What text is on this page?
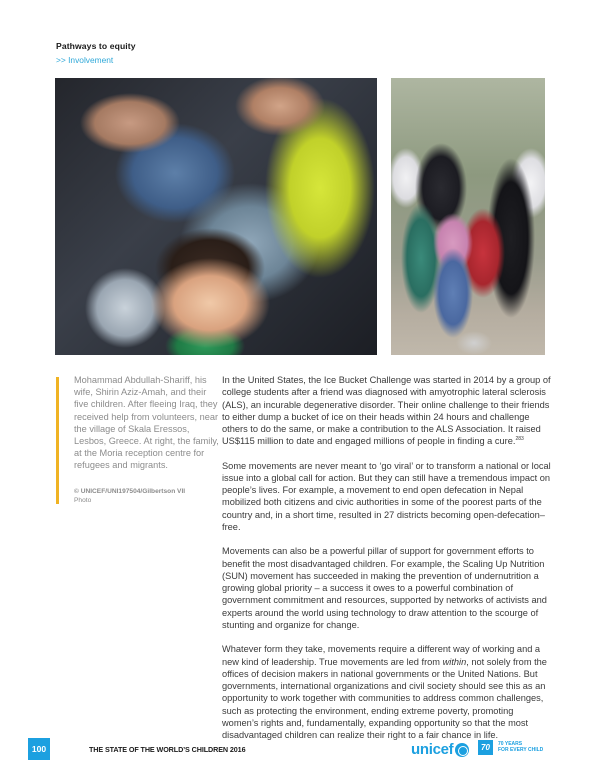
Pathways to equity
>> Involvement
Mohammad Abdullah-Shariff, his wife, Shirin Aziz-Amah, and their five children. After fleeing Iraq, they received help from volunteers, near the village of Skala Eressos, Lesbos, Greece. At right, the family, at the Moria reception centre for refugees and migrants.
© UNICEF/UNI197504/Gilbertson VII
Photo

In the United States, the Ice Bucket Challenge was started in 2014 by a group of college students after a friend was diagnosed with amyotrophic lateral sclerosis (ALS), an incurable degenerative disorder. Their online challenge to their friends to either dump a bucket of ice on their heads within 24 hours and challenge others to do the same, or make a contribution to the ALS Association. It raised US$115 million to date and engaged millions of people in finding a cure.$^{283}$

Some movements are never meant to ‘go viral’ or to transform a national or local issue into a global call for action. But they can still have a tremendous impact on people’s lives. For example, a movement to end open defecation in Nepal mobilized both citizens and civic authorities in some of the poorest parts of the country and, in a short time, resulted in 27 districts becoming open-defecation–free.

Movements can also be a powerful pillar of support for government efforts to benefit the most disadvantaged children. For example, the Scaling Up Nutrition (SUN) movement has succeeded in making the prevention of undernutrition a growing global priority – a success it owes to a powerful combination of government commitment and resources, supported by networks of activists and experts around the world using technology to draw attention to the scourge of stunting and organize for change.

Whatever form they take, movements require a different way of working and a new kind of leadership. True movements are led from within, not solely from the offices of decision makers in national governments or the United Nations. But governments, international organizations and civil society should see this as an opportunity to work together with communities to address common challenges, such as protecting the environment, ending extreme poverty, promoting women’s rights and, fundamentally, expanding opportunity so that the most disadvantaged children can realize their right to a fair chance in life.

100	THE STATE OF THE WORLD’S CHILDREN 2016	unicef	70	70 YEARS
FOR EVERY CHILD
